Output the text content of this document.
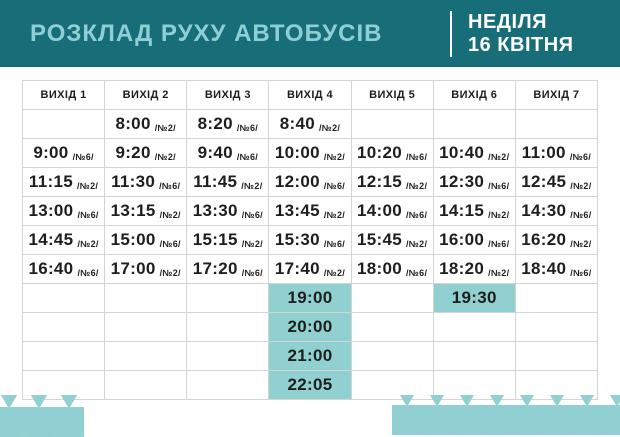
РОЗКЛАД РУХУ АВТОБУСІВ	НЕДІЛЯ
16 КВІТНЯ
ВИХІД 1	ВИХІД 2	ВИХІД 3	ВИХІД 4	ВИХІД 5	ВИХІД 6	ВИХІД 7
	8:00 /№2/	8:20 /№6/	8:40 /№2/			
9:00 /№6/	9:20 /№2/	9:40 /№6/	10:00 /№2/	10:20 /№6/	10:40 /№2/	11:00 /№6/
11:15 /№2/	11:30 /№6/	11:45 /№2/	12:00 /№6/	12:15 /№2/	12:30 /№6/	12:45 /№2/
13:00 /№6/	13:15 /№2/	13:30 /№6/	13:45 /№2/	14:00 /№6/	14:15 /№2/	14:30 /№6/
14:45 /№2/	15:00 /№6/	15:15 /№2/	15:30 /№6/	15:45 /№2/	16:00 /№6/	16:20 /№2/
16:40 /№6/	17:00 /№2/	17:20 /№6/	17:40 /№2/	18:00 /№6/	18:20 /№2/	18:40 /№6/
			19:00		19:30	
			20:00			
			21:00			
			22:05			
